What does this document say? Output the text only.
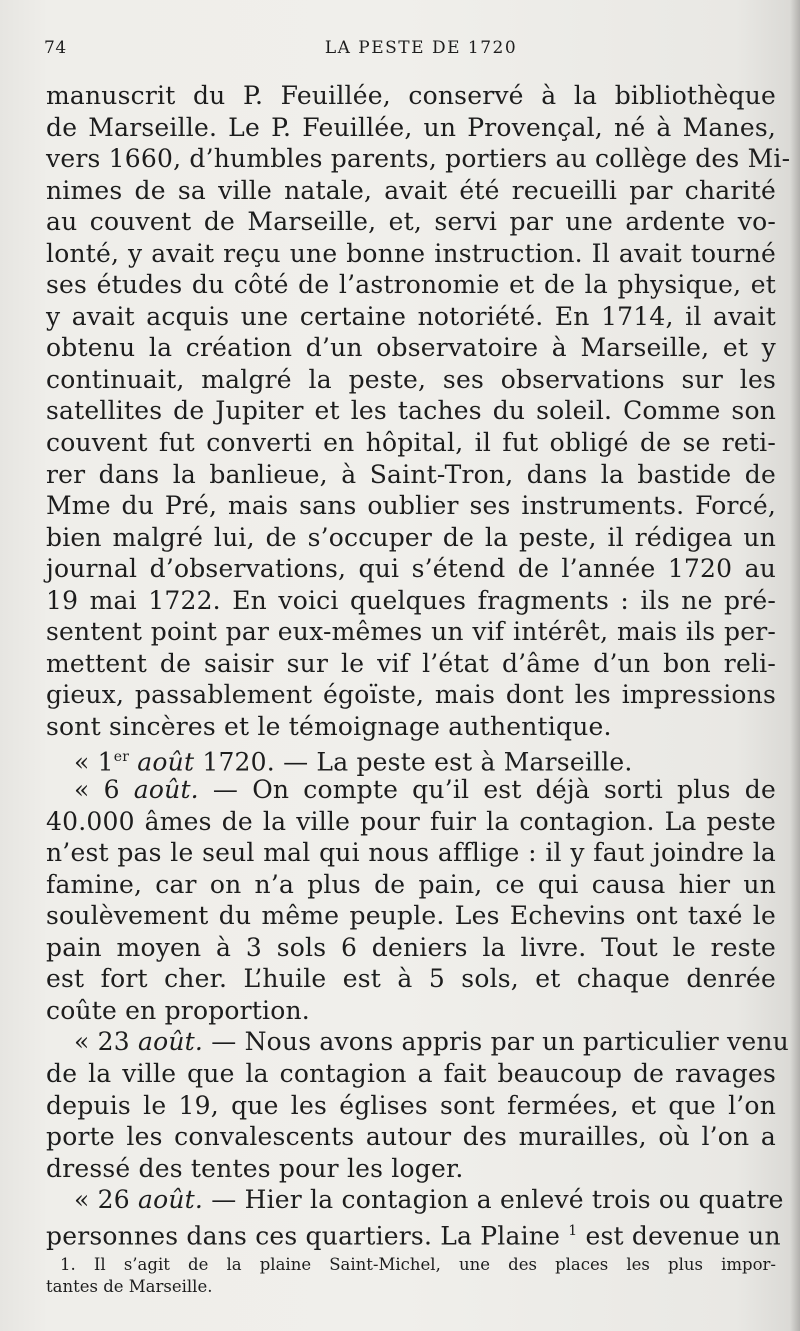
74	LA PESTE DE 1720
manuscrit du P. Feuillée, conservé à la bibliothèque
de Marseille. Le P. Feuillée, un Provençal, né à Manes,
vers 1660, d’humbles parents, portiers au collège des Mi-
nimes de sa ville natale, avait été recueilli par charité
au couvent de Marseille, et, servi par une ardente vo-
lonté, y avait reçu une bonne instruction. Il avait tourné
ses études du côté de l’astronomie et de la physique, et
y avait acquis une certaine notoriété. En 1714, il avait
obtenu la création d’un observatoire à Marseille, et y
continuait, malgré la peste, ses observations sur les
satellites de Jupiter et les taches du soleil. Comme son
couvent fut converti en hôpital, il fut obligé de se reti-
rer dans la banlieue, à Saint-Tron, dans la bastide de
Mme du Pré, mais sans oublier ses instruments. Forcé,
bien malgré lui, de s’occuper de la peste, il rédigea un
journal d’observations, qui s’étend de l’année 1720 au
19 mai 1722. En voici quelques fragments : ils ne pré-
sentent point par eux-mêmes un vif intérêt, mais ils per-
mettent de saisir sur le vif l’état d’âme d’un bon reli-
gieux, passablement égoïste, mais dont les impressions
sont sincères et le témoignage authentique.
« 1er août 1720. — La peste est à Marseille.
« 6 août. — On compte qu’il est déjà sorti plus de
40.000 âmes de la ville pour fuir la contagion. La peste
n’est pas le seul mal qui nous afflige : il y faut joindre la
famine, car on n’a plus de pain, ce qui causa hier un
soulèvement du même peuple. Les Echevins ont taxé le
pain moyen à 3 sols 6 deniers la livre. Tout le reste
est fort cher. L’huile est à 5 sols, et chaque denrée
coûte en proportion.
« 23 août. — Nous avons appris par un particulier venu
de la ville que la contagion a fait beaucoup de ravages
depuis le 19, que les églises sont fermées, et que l’on
porte les convalescents autour des murailles, où l’on a
dressé des tentes pour les loger.
« 26 août. — Hier la contagion a enlevé trois ou quatre
personnes dans ces quartiers. La Plaine $^1$ est devenue un
1. Il s’agit de la plaine Saint-Michel, une des places les plus impor-
tantes de Marseille.
